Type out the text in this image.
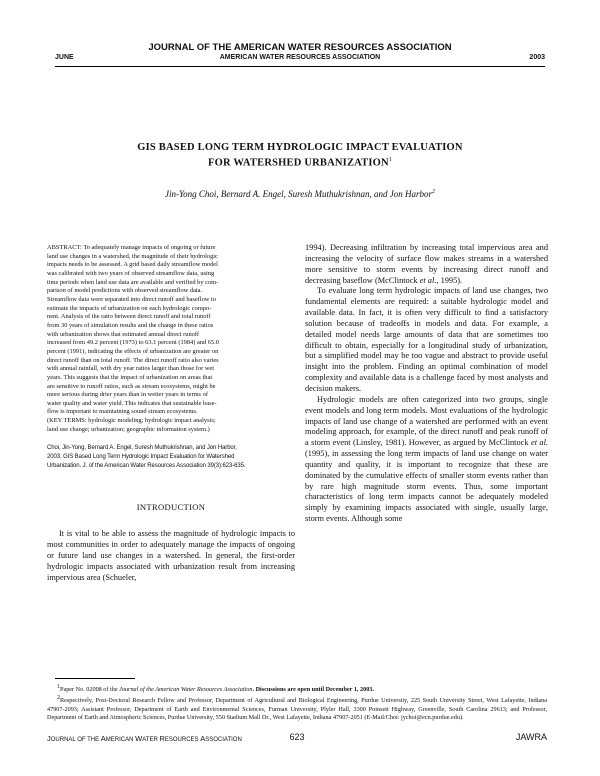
JOURNAL OF THE AMERICAN WATER RESOURCES ASSOCIATION
JUNE	AMERICAN WATER RESOURCES ASSOCIATION	2003
GIS BASED LONG TERM HYDROLOGIC IMPACT EVALUATION
FOR WATERSHED URBANIZATION$^1$
Jin-Yong Choi, Bernard A. Engel, Suresh Muthukrishnan, and Jon Harbor$^2$
ABSTRACT: To adequately manage impacts of ongoing or future
land use changes in a watershed, the magnitude of their hydrologic
impacts needs to be assessed. A grid based daily streamflow model
was calibrated with two years of observed streamflow data, using
time periods when land use data are available and verified by com-
parison of model predictions with observed streamflow data.
Streamflow data were separated into direct runoff and baseflow to
estimate the impacts of urbanization on each hydrologic compo-
nent. Analysis of the ratio between direct runoff and total runoff
from 30 years of simulation results and the change in these ratios
with urbanization shows that estimated annual direct runoff
increased from 49.2 percent (1973) to 63.1 percent (1984) and 65.0
percent (1991), indicating the effects of urbanization are greater on
direct runoff than on total runoff. The direct runoff ratio also varies
with annual rainfall, with dry year ratios larger than those for wet
years. This suggests that the impact of urbanization on areas that
are sensitive to runoff ratios, such as stream ecosystems, might be
more serious during drier years than in wetter years in terms of
water quality and water yield. This indicates that sustainable base-
flow is important to maintaining sound stream ecosystems.
(KEY TERMS: hydrologic modeling; hydrologic impact analysis;
land use change; urbanization; geographic information system.)
Choi, Jin-Yong, Bernard A. Engel, Suresh Muthukrishnan, and Jon Harbor,
2003. GIS Based Long Term Hydrologic Impact Evaluation for Watershed
Urbanization. J. of the American Water Resources Association 39(3):623-635.
INTRODUCTION

It is vital to be able to assess the magnitude of hydrologic impacts to most communities in order to adequately manage the impacts of ongoing or future land use changes in a watershed. In general, the first-order hydrologic impacts associated with urbanization result from increasing impervious area (Schueler,

1994). Decreasing infiltration by increasing total impervious area and increasing the velocity of surface flow makes streams in a watershed more sensitive to storm events by increasing direct runoff and decreasing baseflow (McClintock et al., 1995).

To evaluate long term hydrologic impacts of land use changes, two fundamental elements are required: a suitable hydrologic model and available data. In fact, it is often very difficult to find a satisfactory solution because of tradeoffs in models and data. For example, a detailed model needs large amounts of data that are sometimes too difficult to obtain, especially for a longitudinal study of urbanization, but a simplified model may be too vague and abstract to provide useful insight into the problem. Finding an optimal combination of model complexity and available data is a challenge faced by most analysts and decision makers.

Hydrologic models are often categorized into two groups, single event models and long term models. Most evaluations of the hydrologic impacts of land use change of a watershed are performed with an event modeling approach, for example, of the direct runoff and peak runoff of a storm event (Linsley, 1981). However, as argued by McClintock et al. (1995), in assessing the long term impacts of land use change on water quantity and quality, it is important to recognize that these are dominated by the cumulative effects of smaller storm events rather than by rare high magnitude storm events. Thus, some important characteristics of long term impacts cannot be adequately modeled simply by examining impacts associated with single, usually large, storm events. Although some

$^1$Paper No. 02008 of the Journal of the American Water Resources Association. Discussions are open until December 1, 2003.

$^2$Respectively, Post-Doctoral Research Fellow and Professor, Department of Agricultural and Biological Engineering, Purdue University, 225 South University Street, West Lafayette, Indiana 47907-2093; Assistant Professor, Department of Earth and Environmental Sciences, Furman University, Plyler Hall, 3300 Poinsett Highway, Greenville, South Carolina 29613; and Professor, Department of Earth and Atmospheric Sciences, Purdue University, 550 Stadium Mall Dr., West Lafayette, Indiana 47907-2051 (E-Mail/Choi: jychoi@ecn.purdue.edu).

JOURNAL OF THE AMERICAN WATER RESOURCES ASSOCIATION	623	JAWRA
